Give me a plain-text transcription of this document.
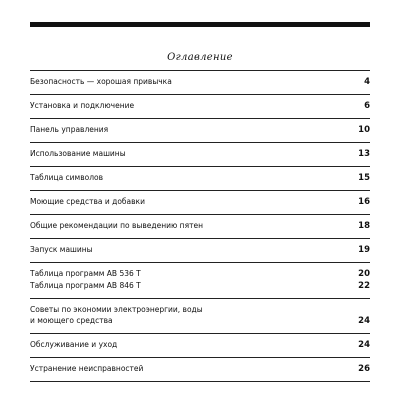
Оглавление
Безопасность — хорошая привычка	4
Установка и подключение	6
Панель управления	10
Использование машины	13
Таблица символов	15
Моющие средства и добавки	16
Общие рекомендации по выведению пятен	18
Запуск машины	19
Таблица программ AB 536 T	20
Таблица программ AB 846 T	22
Советы по экономии электроэнергии, воды
и моющего средства	24
Обслуживание и уход	24
Устранение неисправностей	26
